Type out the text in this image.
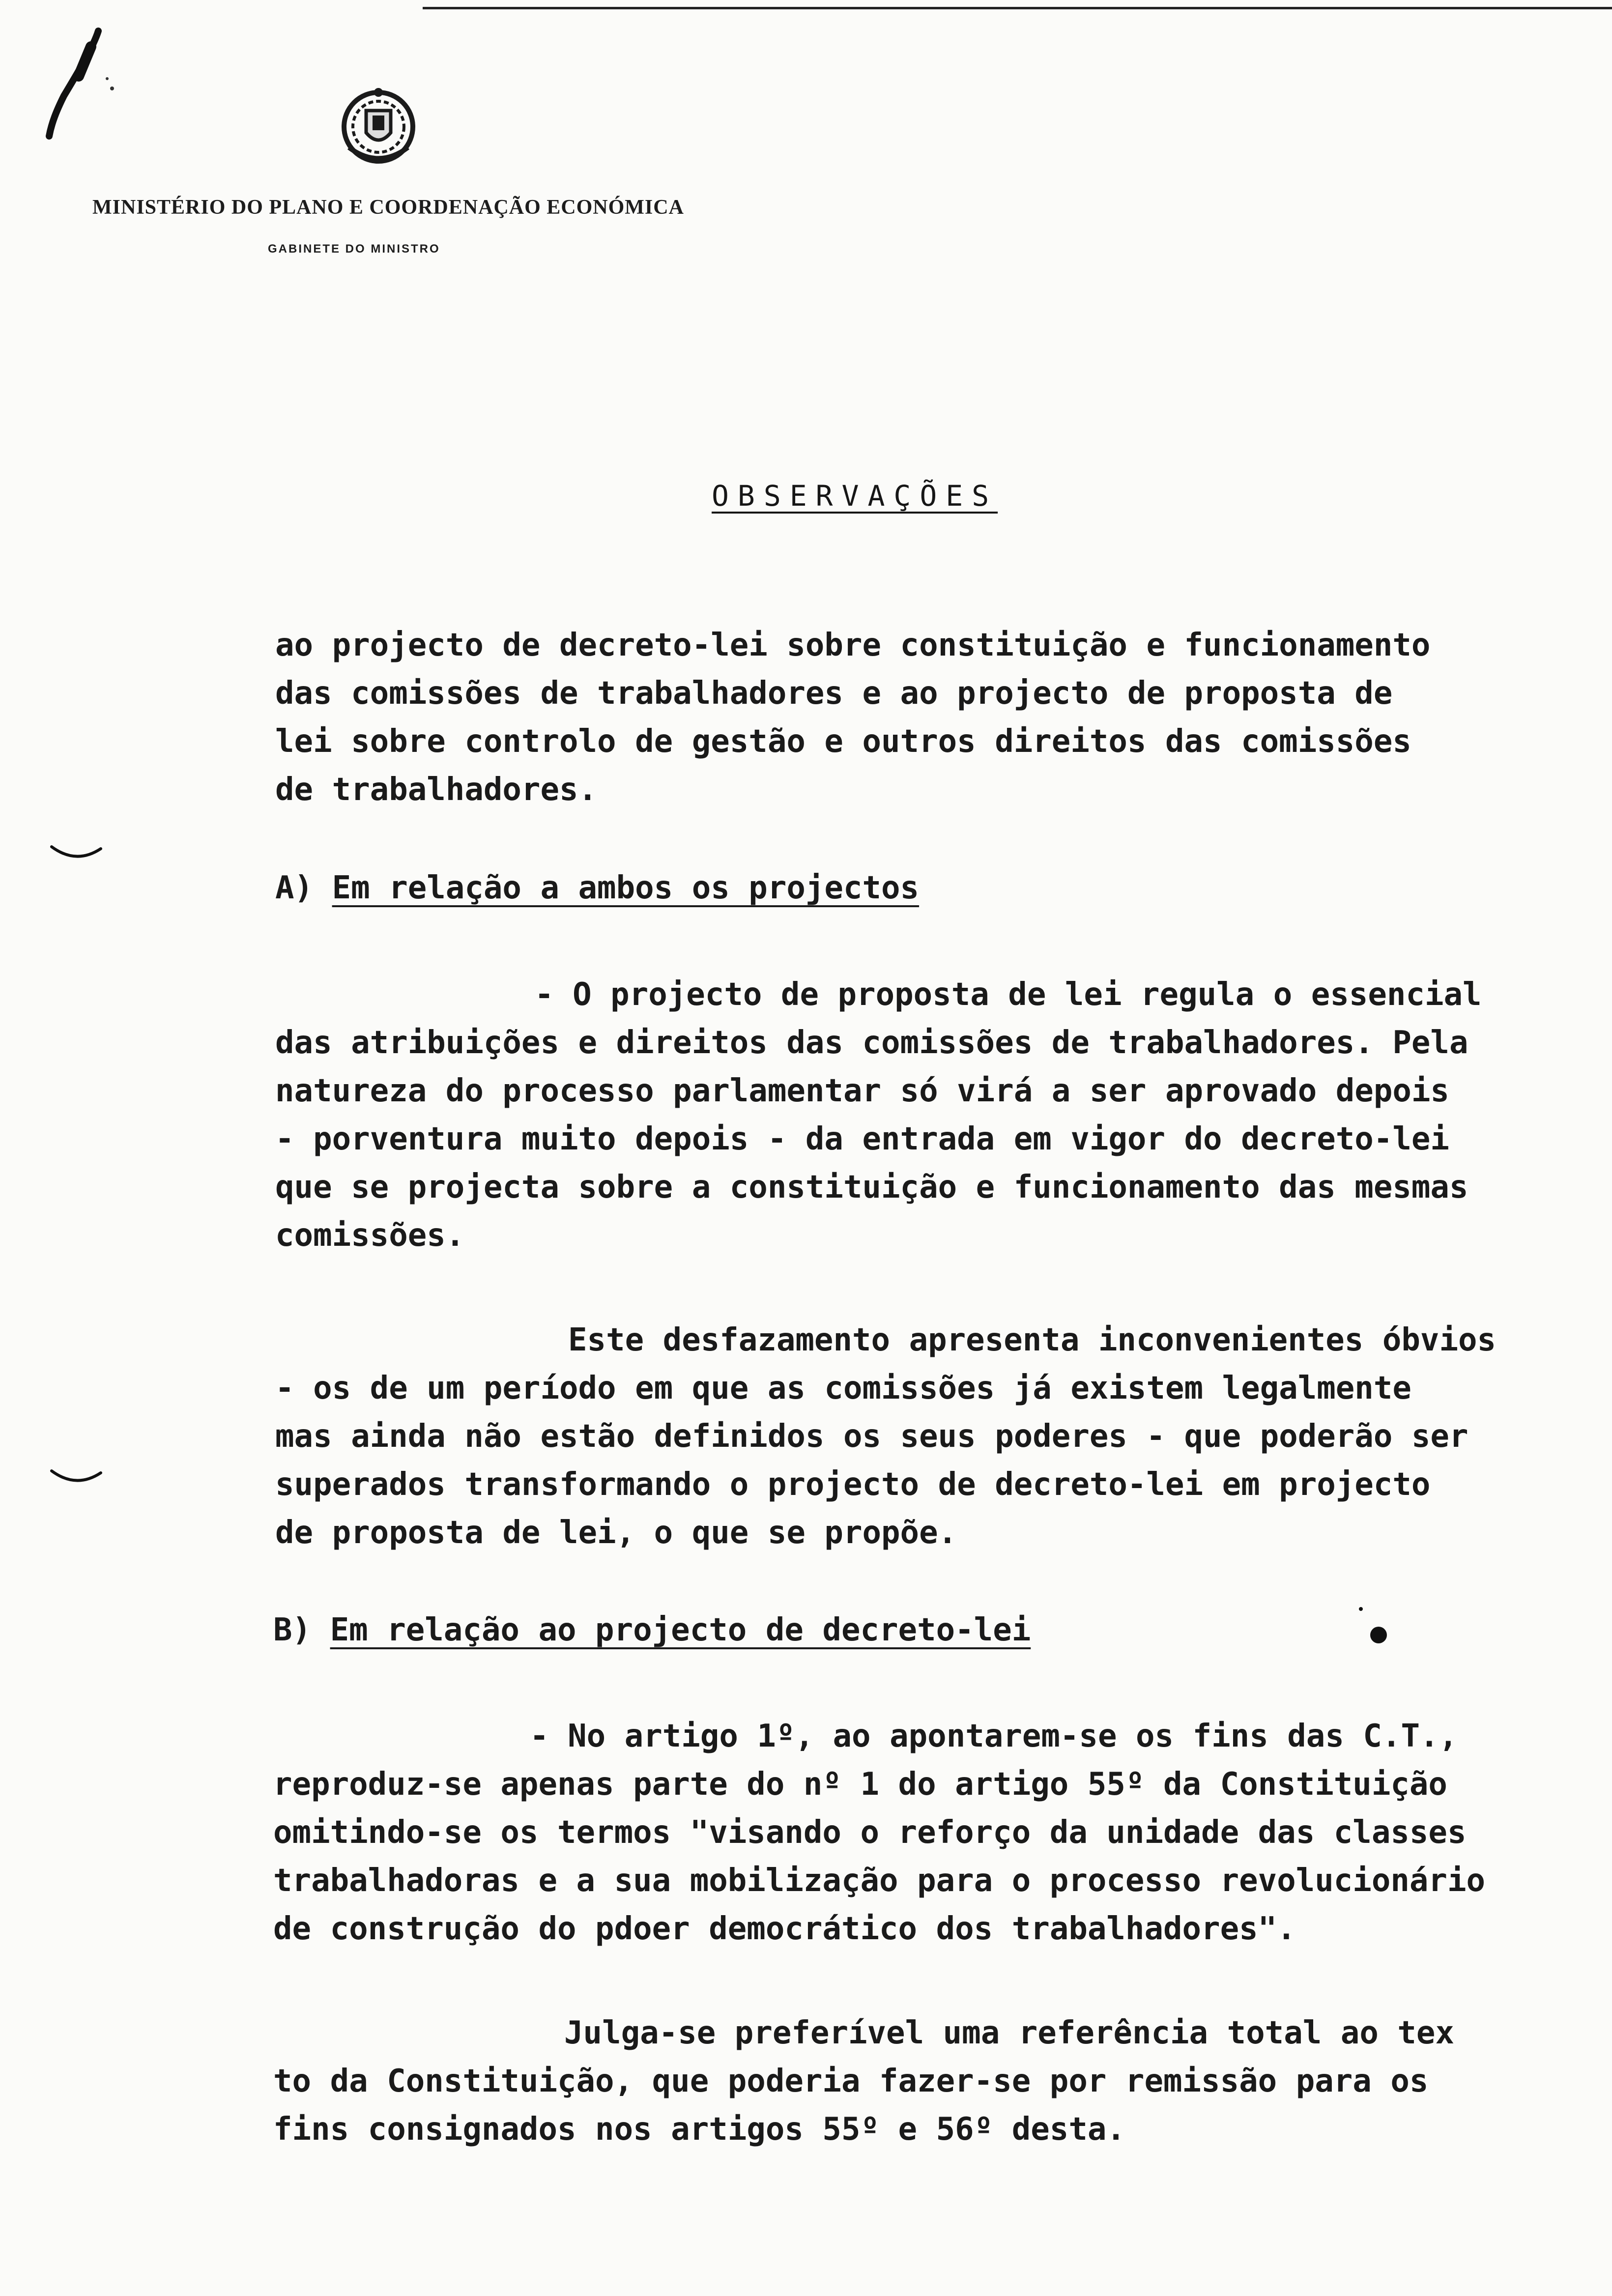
MINISTÉRIO DO PLANO E COORDENAÇÃO ECONÓMICA
GABINETE DO MINISTRO
OBSERVAÇÕES

ao projecto de decreto-lei sobre constituição e funcionamento
das comissões de trabalhadores e ao projecto de proposta de
lei sobre controlo de gestão e outros direitos das comissões
de trabalhadores.

A) Em relação a ambos os projectos

- O projecto de proposta de lei regula o essencial
das atribuições e direitos das comissões de trabalhadores. Pela
natureza do processo parlamentar só virá a ser aprovado depois
- porventura muito depois - da entrada em vigor do decreto-lei
que se projecta sobre a constituição e funcionamento das mesmas
comissões.

Este desfazamento apresenta inconvenientes óbvios
- os de um período em que as comissões já existem legalmente
mas ainda não estão definidos os seus poderes - que poderão ser
superados transformando o projecto de decreto-lei em projecto
de proposta de lei, o que se propõe.

B) Em relação ao projecto de decreto-lei

- No artigo 1º, ao apontarem-se os fins das C.T.,
reproduz-se apenas parte do nº 1 do artigo 55º da Constituição
omitindo-se os termos "visando o reforço da unidade das classes
trabalhadoras e a sua mobilização para o processo revolucionário
de construção do pdoer democrático dos trabalhadores".

Julga-se preferível uma referência total ao tex
to da Constituição, que poderia fazer-se por remissão para os
fins consignados nos artigos 55º e 56º desta.
